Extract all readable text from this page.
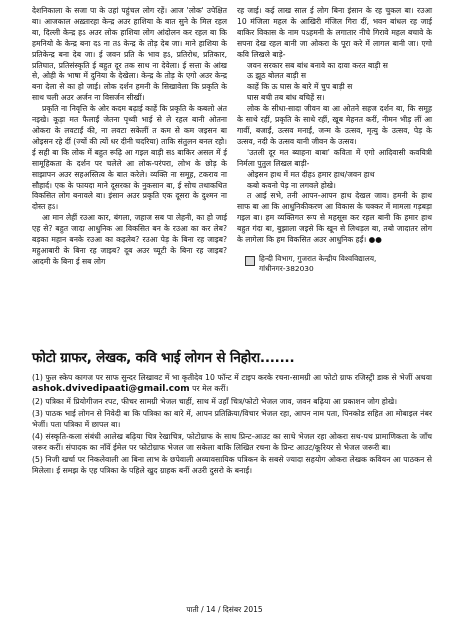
देशनिकाला के सजा पा के उहां पहुंचल लोग रहें। आज 'लोक' उपेक्षित बा। आजकाल अख़्तारहा केन्द्र अउर हाशिया के बात सुने के मिल रहल बा, दिल्ली केन्द्र हऽ अउर लोक हाशिया लोग आंदोलन कर रहल बा कि हमनियो के केन्द्र बना दऽ ना तऽ केन्द्र के तोड़ देब जा। माने हाशिया के प्रतिकेन्द्र बना देब जा। ई जवन प्रति के भाव हऽ, प्रतिरोध, प्रतिकार, प्रतिघात, प्रतिसंस्कृति ई बहुत दूर तक साथ ना देवेला। ई सत्ता के आंख से, ओही के भाषा में दुनिया के देखेला। केन्द्र के तोड़ के एगो अउर केन्द्र बना देला से का हो जाई। लोक दर्शन हमनी के सिखावेला कि प्रकृति के साथ चली अउर अर्जन ना विसर्जन सीखीं।

प्रकृति ना निवृत्ति के ओर कदम बढ़ाई काहें कि प्रकृति के कबलो अंत नइखे। कूड़ा मत फैलाईं जेतना पृथ्वी भाई से ले रहल बानी ओतना ओकरा के लवटाईं की, ना लवटा सकेलीं त कम से कम जइसन बा ओइसन रहे दीं (ज्यों की त्यों धर दीनी चदरिया) ताकि संतुलन बनल रहो। ई सही बा कि लोक में बहुत रूढ़ि आ गइल बाड़ी सऽ बाकिर असल में ई सामूहिकता के दर्शन पर चलेले आ लोक-परंपरा, लोभ के छोड़ के साझापन अउर सहअस्तित्व के बात करेले। व्यक्ति ना समूह, टकराव ना सौहार्द। एक के फायदा माने दूसरका के नुकसान बा, ई सोच तथाकथित विकसित लोग बनावले बा। इंसान अउर प्रकृति एक दूसरा के दुश्मन ना दोस्त हऽ।

आ मान लेहीं रउआ कार, बंगला, जहाज सब पा लेहनी, का हो जाई एह से? बहुत जादा आधुनिक आ विकसित बन के रउआ का कर लेब? बड़का महान बनके रउआ का कइलेब? रउआ पेड़ के बिना रह जाइब? महुआबारी के बिना रह जाइब? दूब अउर च्यूटी के बिना रह जाइब? आदमी के बिना ई सब लोग

रह जाई। कई लाख साल ई लोग बिना इंसान के रह चुकल बा। रउआ 10 मंजिला महल के आखिरी मंजिल गिरा दीं, भवन बांधल रह जाई बाकिर विकास के नाम पऽहमनी के लगातार नीचे गिरावे महल बचावे के सपना देख रहल बानी जा ओकरा के पूरा करे में लागल बानी जा। एगो कवि लिखले बाड़े-

जवन सरकार सब बांध बनावे का दावा करत बाड़ी स

ऊ झूठ बोलत बाड़ी स

काहें कि ऊ घास के बारे में चुप बाड़ी स

घास बची तब बांध बचिहें स।

लोक के सीधा-सादा जीवन बा आ ओतने सहज दर्शन बा, कि समूह के साथे रहीं, प्रकृति के साथे रहीं, खूब मेहनत करीं, नीमन भीड़ लीं आ गावीं, बजाईं, उत्सव मनाईं, जन्म के उत्सव, मृत्यु के उत्सव, पेड़ के उत्सव, नदी के उत्सव यानी जीवन के उत्सव।

'उतली दूर मत ब्याहना बाबा' कविता में एगो आदिवासी कवयित्री निर्मला पुतुल लिखल बाड़ी-

ओइसन हाथ में मत दीहऽ हमार हाथ/जवन हाथ

कबो कवनो पेड़ ना लगवले होखे।

त आई सभे, तनी आपन-आपन हाथ देखल जाव। हमनी के हाथ साफ बा आ कि आधुनिकीकरण आ विकास के चक्कर में मामला गड़बड़ा गइल बा। हम व्यक्तिगत रूप से महसूस कर रहल बानी कि हमार हाथ बहुत गंदा बा, बुझाला जइसे कि खून से लिथड़ल बा, तबो जादातर लोग के लागेला कि हम विकसित अउर आधुनिक हईं। ●●

हिन्दी विभाग, गुजरात केन्द्रीय विश्वविद्यालय,
गांधीनगर-382030
फोटो ग्राफर, लेखक, कवि भाई लोगन से निहोरा.......

(1) फुल स्केप कागज पर साफ सुन्दर लिखावट में भा कृतीदेव 10 फॉन्ट में टाइप करके रचना-सामग्री आ फोटो ग्राफ रजिस्ट्री डाक से भेजीं अथवा ashok.dvivedipaati@gmail.com पर मेल करीं।

(2) पत्रिका में प्रियोगीजन रपट, फीचर सामग्री भेजल चाहीं, साथ में उहाँ चित्र/फोटो भेजल जाव, जवन बढ़िया आ प्रकाशन जोग होखे।

(3) पाठक भाई लोगन से निवेदी बा कि पत्रिका का बारे में, आपन प्रतिक्रिया/विचार भेजल रहा, आपन नाम पता, पिनकोड सहित आ मोबाइल नंबर भेजीं। पता पत्रिका में छापल बा।

(4) संस्कृति-कला संबंधी आलेख बढ़िया चित्र रेखाचित्र, फोटोग्राफ के साथ प्रिन्ट-आउट का साथे भेजल रहा ओकरा सथ-पथ प्रामाणिकता के जाँच जरूर करीं। संपादक का नाँवें ईमेल पर फोटोग्राफ भेजल जा सकेला बाकि लिखित रचना के प्रिन्ट आउट/कूरियर से भेजल जरूरी बा।

(5) निजी खर्चा पर निकलेवाली आ बिना लाभ के छपेवाली अव्यावसायिक पत्रिकन के सबसे ज्यादा सहयोग ओकरा लेखक कवियन आ पाठकन से मिलेला। ई समझ के एह पत्रिका के पहिले खुद ग्राहक बनीं अउरी दुसरो के बनाईं।

पाती / 14 / दिसंबर 2015
